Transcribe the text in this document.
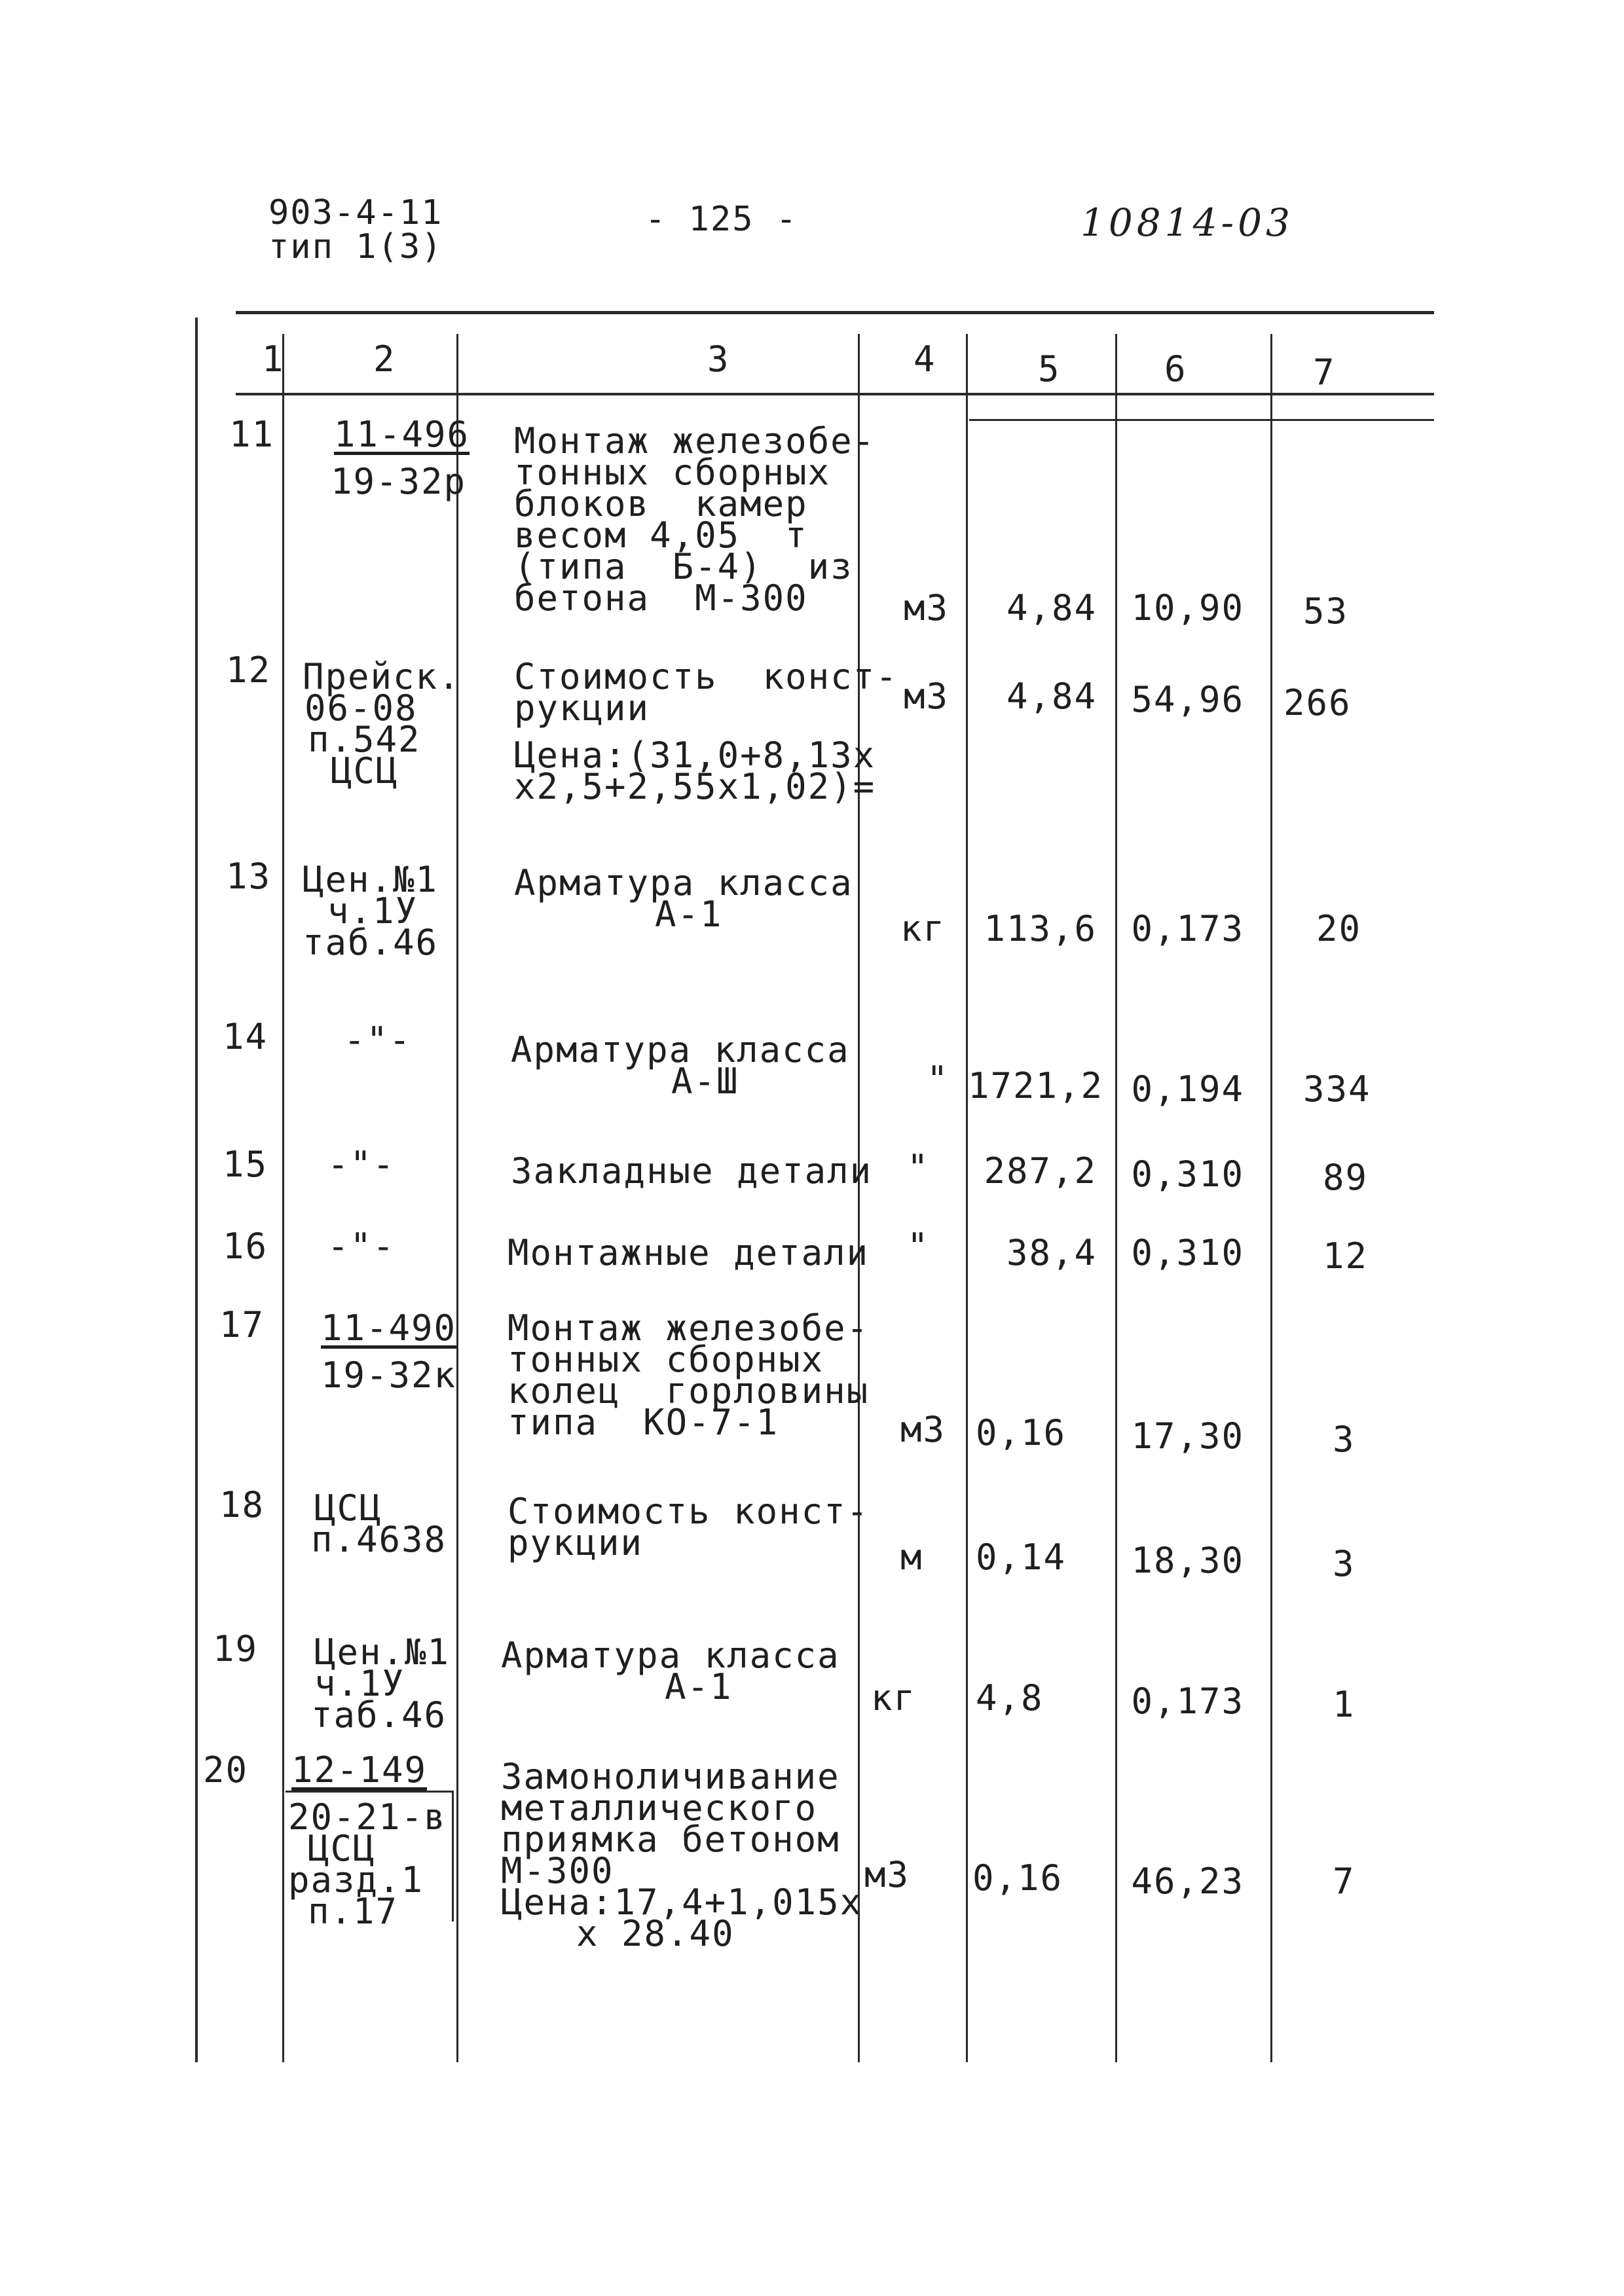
903-4-11
тип 1(3)
- 125 -	10814-03
1	2	3	4	5	6	7
11 11-496
19-32р
Монтаж железобе-
тонных сборных
блоков  камер
весом 4,05  т
(типа  Б-4)  из
бетона  М-300	м3	4,84 10,90 53
12 Прейск.
06-08
п.542
ЦСЦ
Стоимость  конст-
рукции
Цена:(31,0+8,13х
х2,5+2,55х1,02)=
м3	4,84 54,96 266
13 Цен.№1
ч.1У
таб.46
Арматура класса
А-1	кг 113,6 0,173 20
14 -"-	Арматура класса
А-Ш	" 1721,2 0,194 334
15 -"-	Закладные детали " 287,2 0,310 89
16 -"-	Монтажные детали "	38,4 0,310 12
17 11-490
19-32к
Монтаж железобе-
тонных сборных
колец  горловины
типа  КО-7-1	м3 0,16 17,30	3
18 ЦСЦ
п.4638
Стоимость конст-
рукции	м 0,14 18,30	3
19 Цен.№1
ч.1У
таб.46
Арматура класса
А-1	кг 4,8 0,173	1
20 12-149
20-21-в
ЦСЦ
разд.1
п.17
Замоноличивание
металлического
приямка бетоном
М-300
Цена:17,4+1,015х
х 28.40
м3 0,16 46,23	7
